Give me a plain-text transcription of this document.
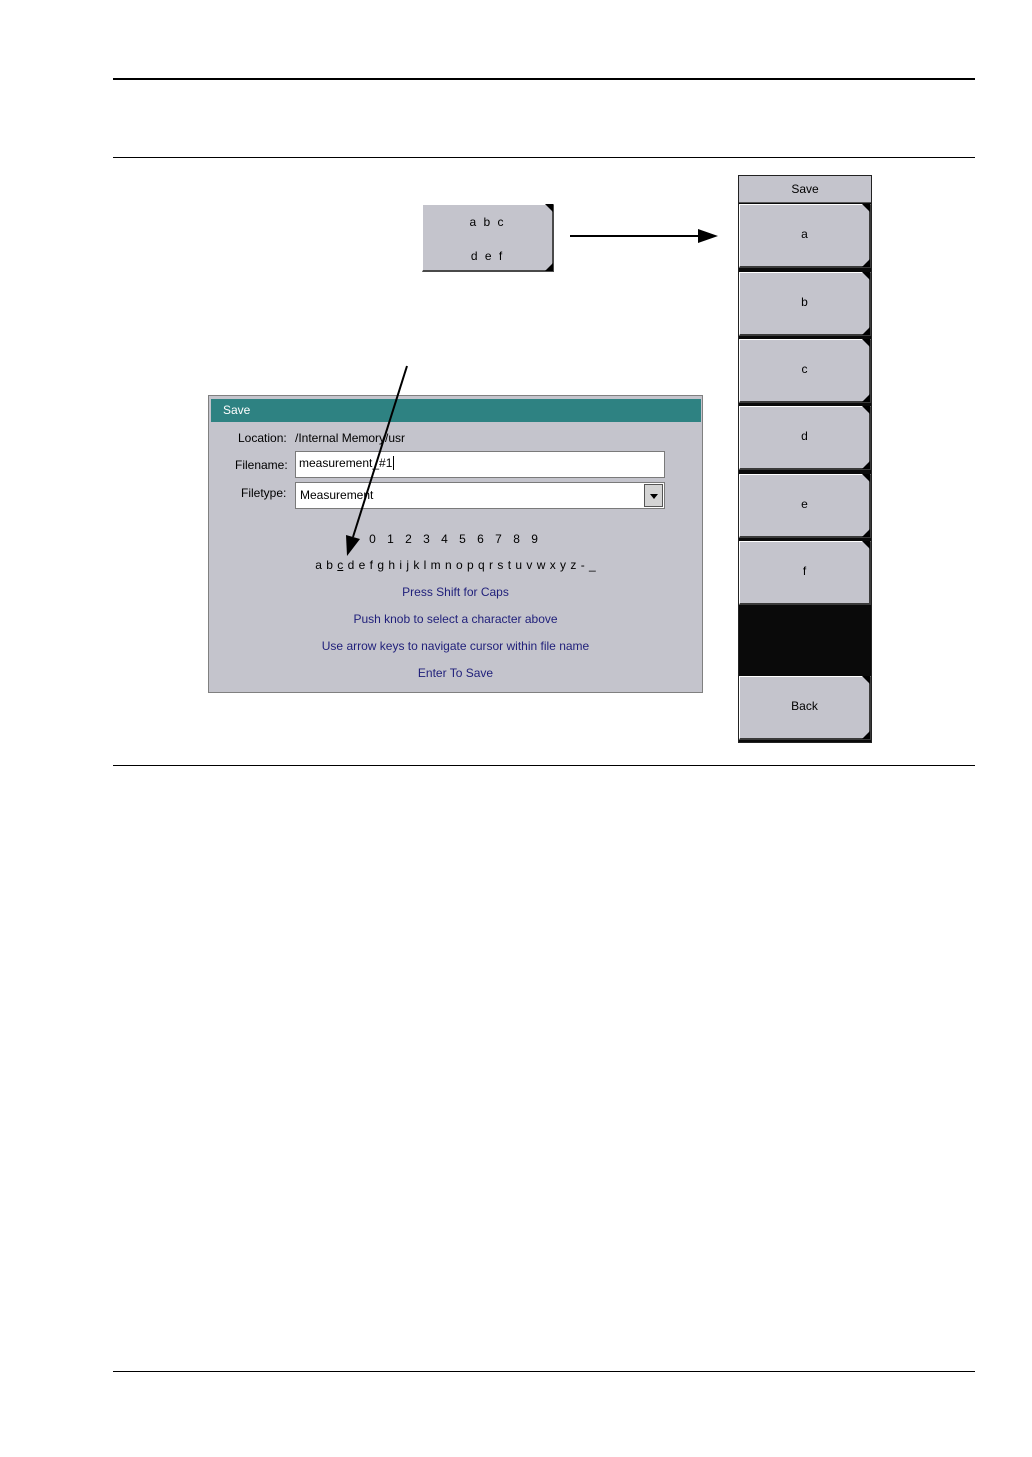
a b c
d e f
Save
a
b
c
d
e
f
Back
Save
Location: /Internal Memory/usr
Filename: measurement_#1
Filetype: Measurement
0 1 2 3 4 5 6 7 8 9
a b c d e f g h i j k l m n o p q r s t u v w x y z - _
Press Shift for Caps
Push knob to select a character above
Use arrow keys to navigate cursor within file name
Enter To Save
